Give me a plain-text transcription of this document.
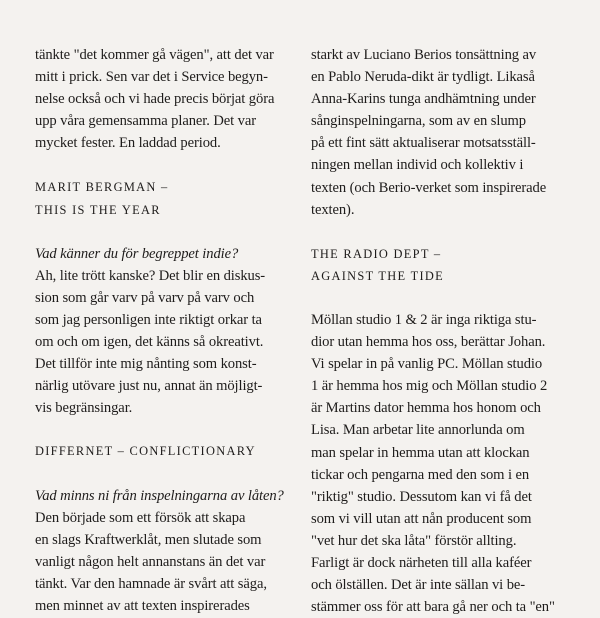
tänkte "det kommer gå vägen", att det var
mitt i prick. Sen var det i Service begyn-
nelse också och vi hade precis börjat göra
upp våra gemensamma planer. Det var
mycket fester. En laddad period.
MARIT BERGMAN –
THIS IS THE YEAR
Vad känner du för begreppet indie?
Ah, lite trött kanske? Det blir en diskus-
sion som går varv på varv på varv och
som jag personligen inte riktigt orkar ta
om och om igen, det känns så okreativt.
Det tillför inte mig nånting som konst-
närlig utövare just nu, annat än möjligt-
vis begränsingar.
DIFFERNET – CONFLICTIONARY
Vad minns ni från inspelningarna av låten?
Den började som ett försök att skapa
en slags Kraftwerklåt, men slutade som
vanligt någon helt annanstans än det var
tänkt. Var den hamnade är svårt att säga,
men minnet av att texten inspirerades
starkt av Luciano Berios tonsättning av
en Pablo Neruda-dikt är tydligt. Likaså
Anna-Karins tunga andhämtning under
sånginspelningarna, som av en slump
på ett fint sätt aktualiserar motsatsställ-
ningen mellan individ och kollektiv i
texten (och Berio-verket som inspirerade
texten).
THE RADIO DEPT –
AGAINST THE TIDE
Möllan studio 1 & 2 är inga riktiga stu-
dior utan hemma hos oss, berättar Johan.
Vi spelar in på vanlig PC. Möllan studio
1 är hemma hos mig och Möllan studio 2
är Martins dator hemma hos honom och
Lisa. Man arbetar lite annorlunda om
man spelar in hemma utan att klockan
tickar och pengarna med den som i en
"riktig" studio. Dessutom kan vi få det
som vi vill utan att nån producent som
"vet hur det ska låta" förstör allting.
Farligt är dock närheten till alla kaféer
och ölställen. Det är inte sällan vi be-
stämmer oss för att bara gå ner och ta "en"
